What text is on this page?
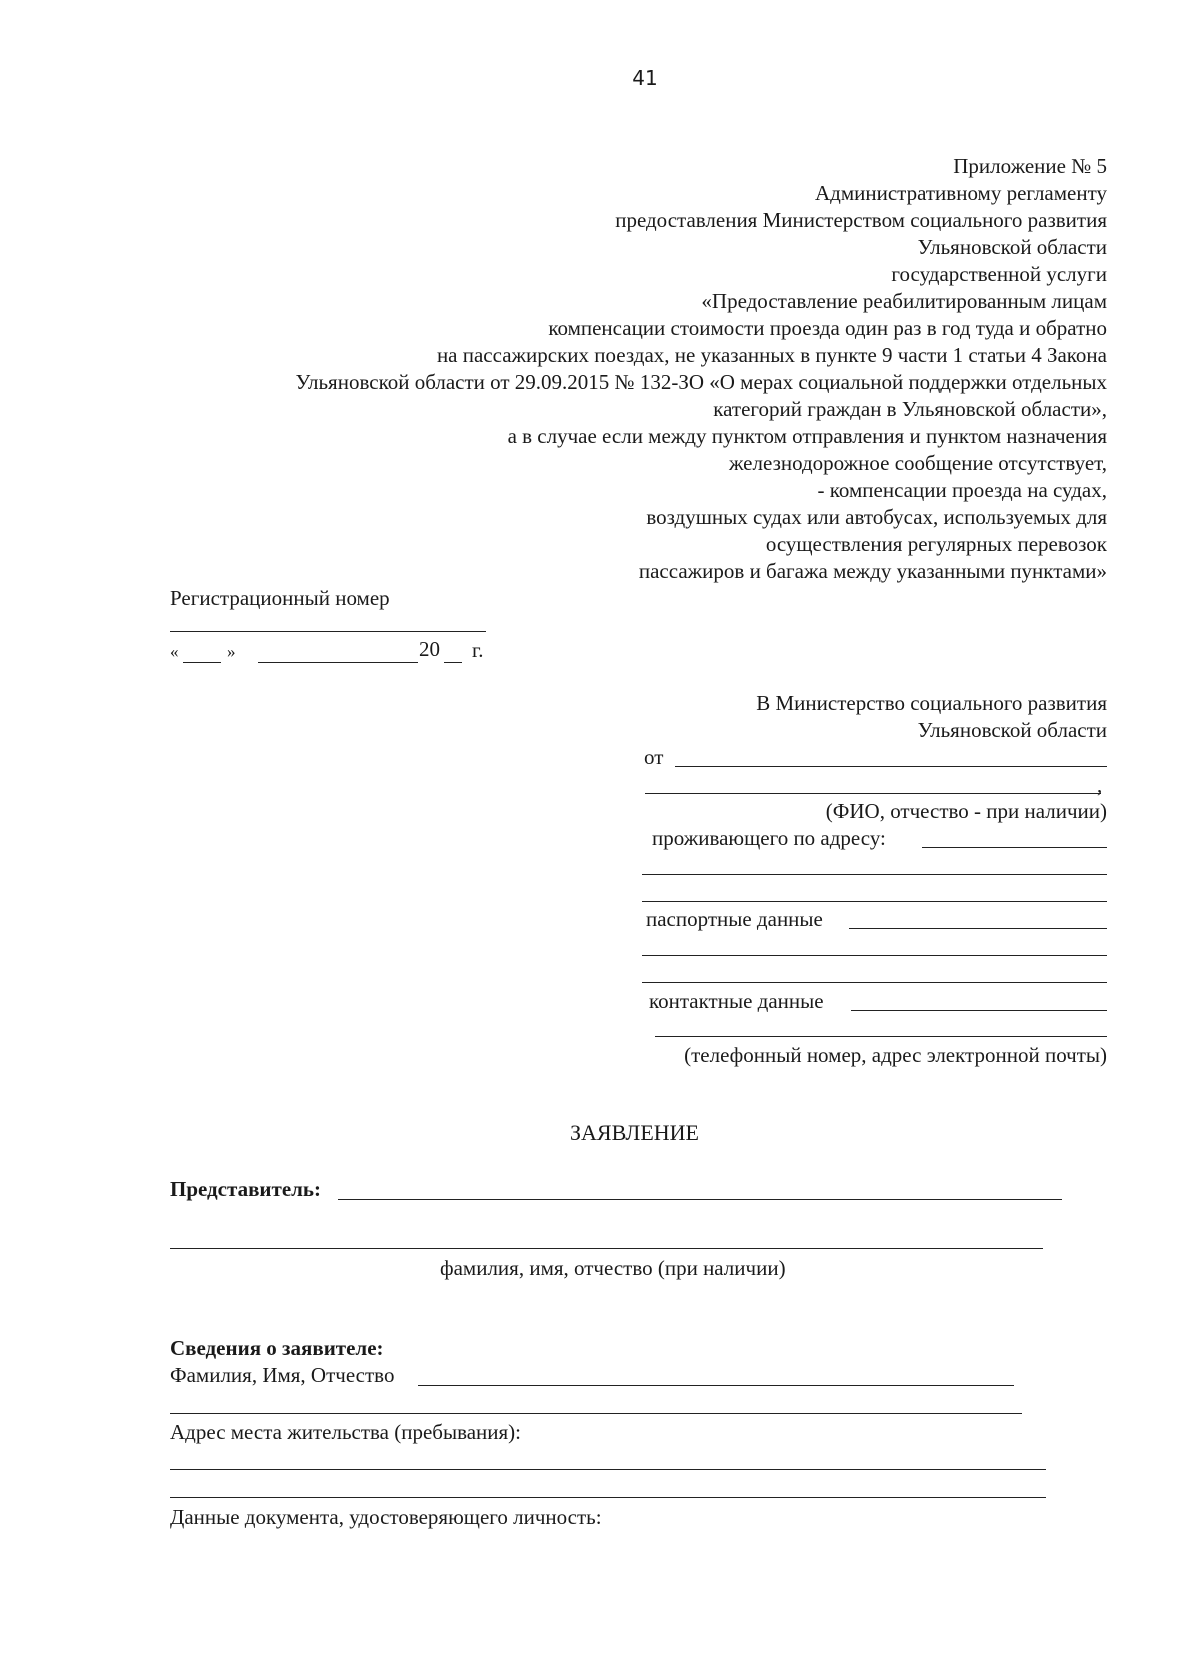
41
Приложение № 5
Административному регламенту
предоставления Министерством социального развития
Ульяновской области
государственной услуги
«Предоставление реабилитированным лицам
компенсации стоимости проезда один раз в год туда и обратно
на пассажирских поездах, не указанных в пункте 9 части 1 статьи 4 Закона
Ульяновской области от 29.09.2015 № 132-ЗО «О мерах социальной поддержки отдельных
категорий граждан в Ульяновской области»,
а в случае если между пунктом отправления и пунктом назначения
железнодорожное сообщение отсутствует,
- компенсации проезда на судах,
воздушных судах или автобусах, используемых для
осуществления регулярных перевозок
пассажиров и багажа между указанными пунктами»
Регистрационный номер
«	»	20 г.
В Министерство социального развития
Ульяновской области
от
,
(ФИО, отчество - при наличии)
проживающего по адресу:
паспортные данные
контактные данные
(телефонный номер, адрес электронной почты)
ЗАЯВЛЕНИЕ
Представитель:
фамилия, имя, отчество (при наличии)
Сведения о заявителе:
Фамилия, Имя, Отчество
Адрес места жительства (пребывания):
Данные документа, удостоверяющего личность:
